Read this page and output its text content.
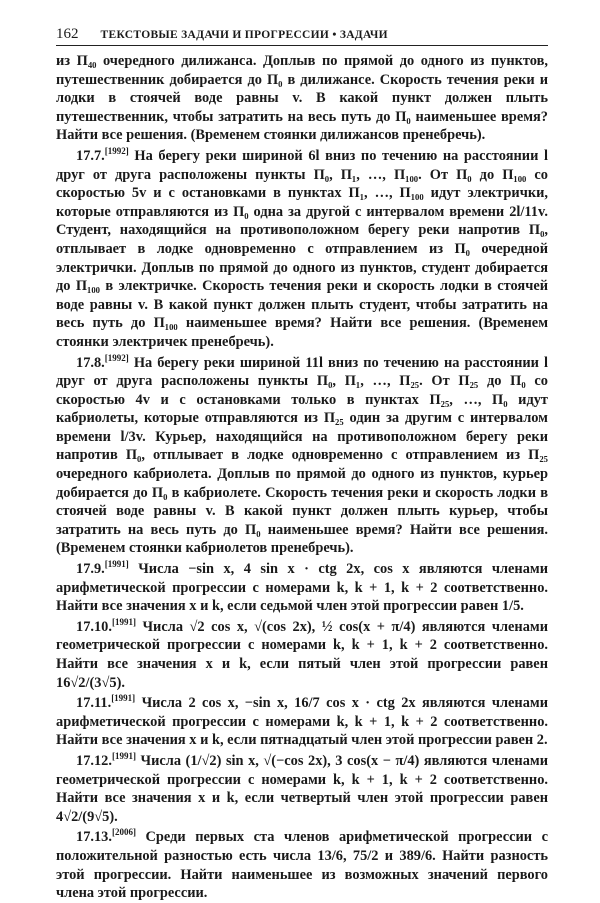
162 ТЕКСТОВЫЕ ЗАДАЧИ И ПРОГРЕССИИ • ЗАДАЧИ

из П₄₀ очередного дилижанса. Доплыв по прямой до одного из пунктов, путешественник добирается до П₀ в дилижансе. Скорость течения реки и лодки в стоячей воде равны v. В какой пункт должен плыть путешественник, чтобы затратить на весь путь до П₀ наименьшее время? Найти все решения. (Временем стоянки дилижансов пренебречь).

17.7.[1992] На берегу реки шириной 6l вниз по течению на расстоянии l друг от друга расположены пункты П₀, П₁, …, П₁₀₀. От П₀ до П₁₀₀ со скоростью 5v и с остановками в пунктах П₁, …, П₁₀₀ идут электрички, которые отправляются из П₀ одна за другой с интервалом времени 2l/11v. Студент, находящийся на противоположном берегу реки напротив П₀, отплывает в лодке одновременно с отправлением из П₀ очередной электрички. Доплыв по прямой до одного из пунктов, студент добирается до П₁₀₀ в электричке. Скорость течения реки и скорость лодки в стоячей воде равны v. В какой пункт должен плыть студент, чтобы затратить на весь путь до П₁₀₀ наименьшее время? Найти все решения. (Временем стоянки электричек пренебречь).

17.8.[1992] На берегу реки шириной 11l вниз по течению на расстоянии l друг от друга расположены пункты П₀, П₁, …, П₂₅. От П₂₅ до П₀ со скоростью 4v и с остановками только в пунктах П₂₅, …, П₀ идут кабриолеты, которые отправляются из П₂₅ один за другим с интервалом времени l/3v. Курьер, находящийся на противоположном берегу реки напротив П₀, отплывает в лодке одновременно с отправлением из П₂₅ очередного кабриолета. Доплыв по прямой до одного из пунктов, курьер добирается до П₀ в кабриолете. Скорость течения реки и скорость лодки в стоячей воде равны v. В какой пункт должен плыть курьер, чтобы затратить на весь путь до П₀ наименьшее время? Найти все решения. (Временем стоянки кабриолетов пренебречь).

17.9.[1991] Числа −sin x, 4 sin x · ctg 2x, cos x являются членами арифметической прогрессии с номерами k, k + 1, k + 2 соответственно. Найти все значения x и k, если седьмой член этой прогрессии равен 1/5.

17.10.[1991] Числа √2 cos x, √(cos 2x), ½ cos(x + π/4) являются членами геометрической прогрессии с номерами k, k + 1, k + 2 соответственно. Найти все значения x и k, если пятый член этой прогрессии равен 16√2/(3√5).

17.11.[1991] Числа 2 cos x, −sin x, 16/7 cos x · ctg 2x являются членами арифметической прогрессии с номерами k, k + 1, k + 2 соответственно. Найти все значения x и k, если пятнадцатый член этой прогрессии равен 2.

17.12.[1991] Числа (1/√2) sin x, √(−cos 2x), 3 cos(x − π/4) являются членами геометрической прогрессии с номерами k, k + 1, k + 2 соответственно. Найти все значения x и k, если четвертый член этой прогрессии равен 4√2/(9√5).

17.13.[2006] Среди первых ста членов арифметической прогрессии с положительной разностью есть числа 13/6, 75/2 и 389/6. Найти разность этой прогрессии. Найти наименьшее из возможных значений первого члена этой прогрессии.
